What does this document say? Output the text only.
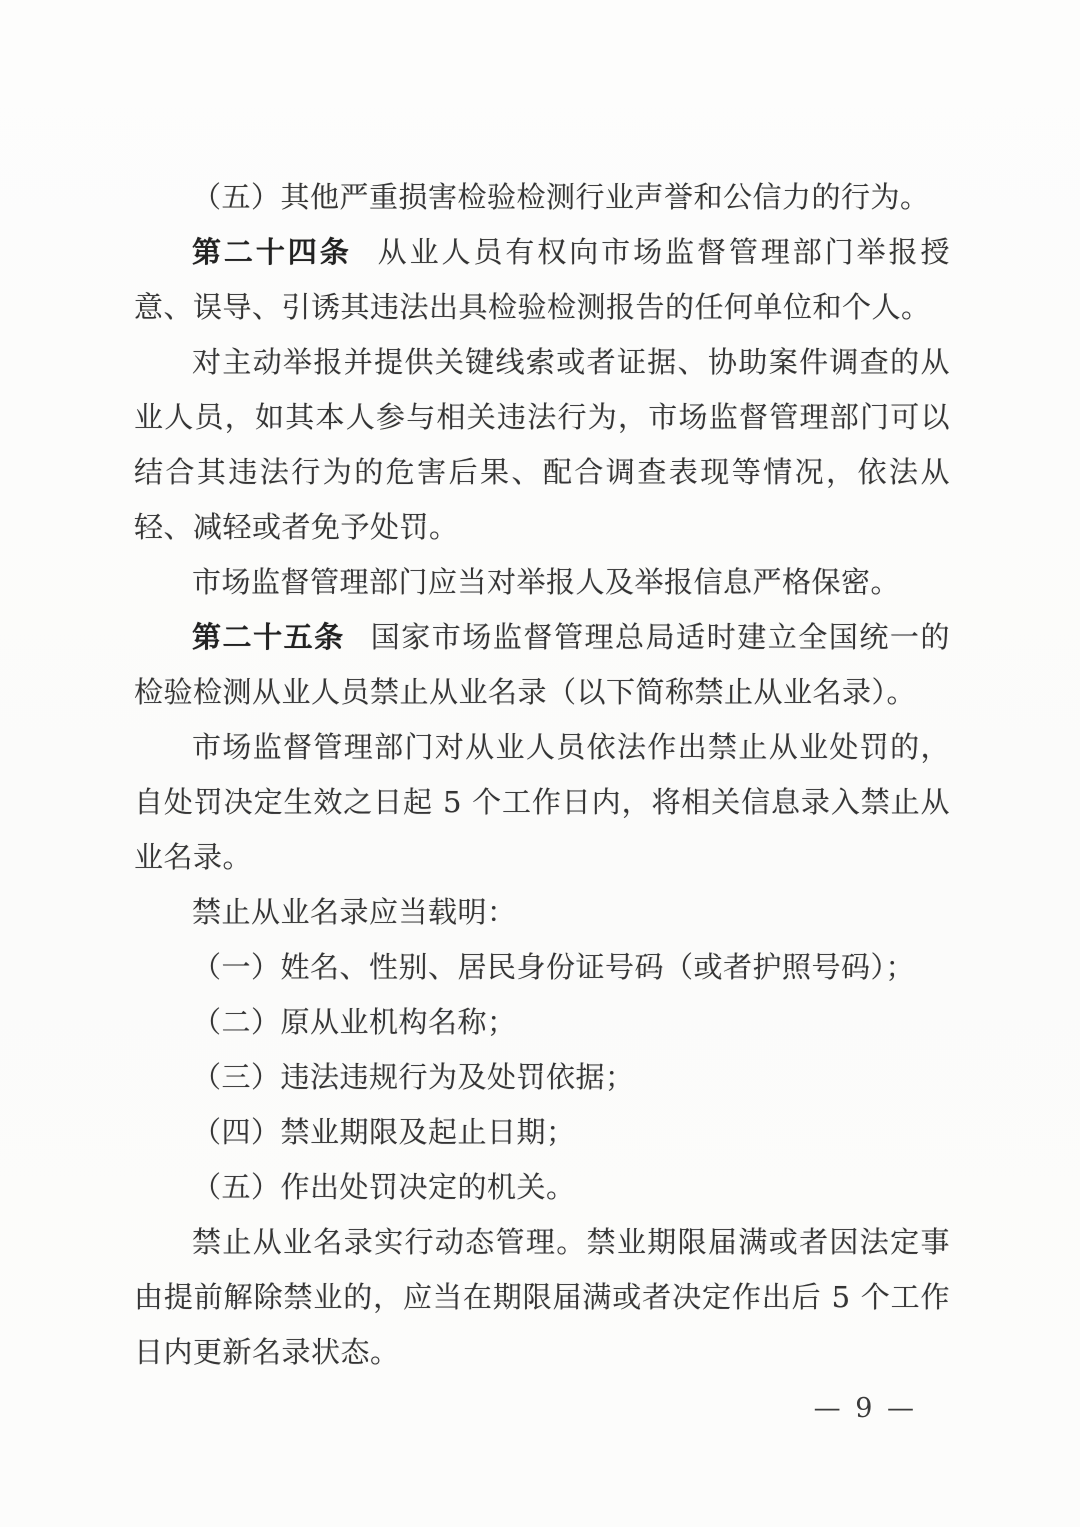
（五）其他严重损害检验检测行业声誉和公信力的行为。

第二十四条 从业人员有权向市场监督管理部门举报授意、误导、引诱其违法出具检验检测报告的任何单位和个人。

对主动举报并提供关键线索或者证据、协助案件调查的从业人员，如其本人参与相关违法行为，市场监督管理部门可以结合其违法行为的危害后果、配合调查表现等情况，依法从轻、减轻或者免予处罚。

市场监督管理部门应当对举报人及举报信息严格保密。

第二十五条 国家市场监督管理总局适时建立全国统一的检验检测从业人员禁止从业名录（以下简称禁止从业名录）。

市场监督管理部门对从业人员依法作出禁止从业处罚的，自处罚决定生效之日起 5 个工作日内，将相关信息录入禁止从业名录。

禁止从业名录应当载明：

（一）姓名、性别、居民身份证号码（或者护照号码）；

（二）原从业机构名称；

（三）违法违规行为及处罚依据；

（四）禁业期限及起止日期；

（五）作出处罚决定的机关。

禁止从业名录实行动态管理。禁业期限届满或者因法定事由提前解除禁业的，应当在期限届满或者决定作出后 5 个工作日内更新名录状态。

— 9 —
